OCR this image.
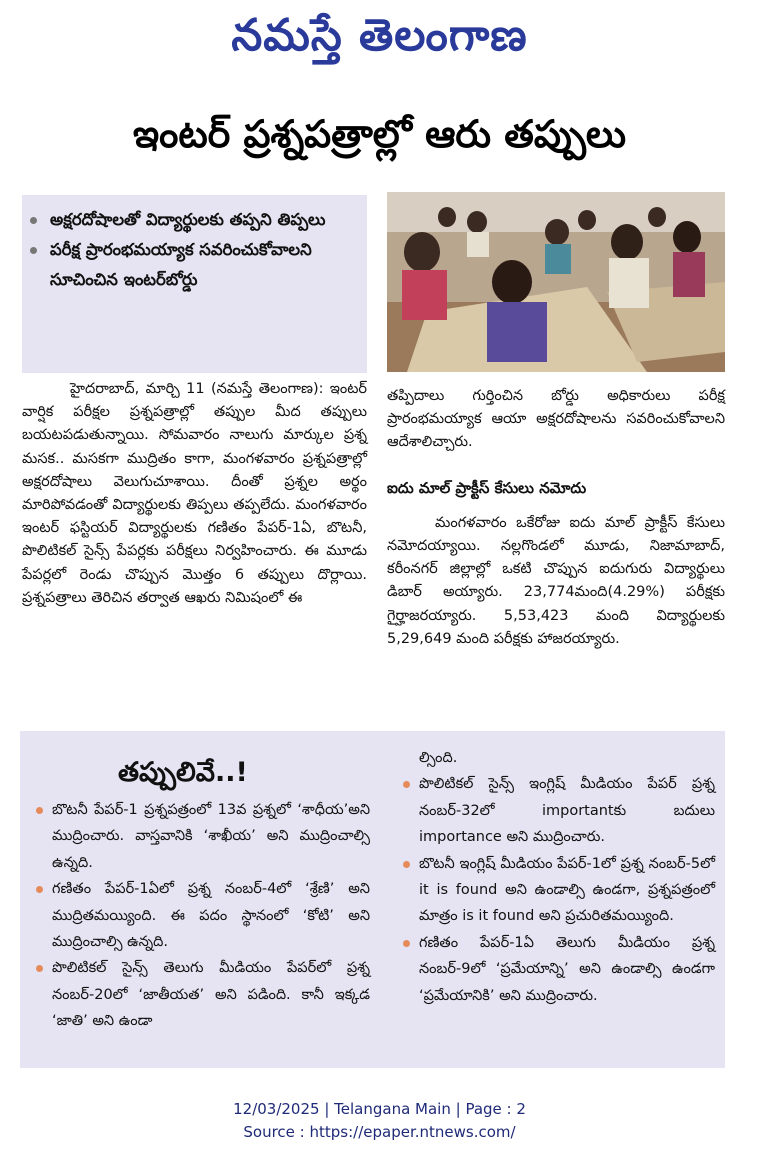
నమస్తే తెలంగాణ
ఇంటర్ ప్రశ్నపత్రాల్లో ఆరు తప్పులు
అక్షరదోషాలతో విద్యార్థులకు తప్పని తిప్పలు
పరీక్ష ప్రారంభమయ్యాక సవరించుకోవాలని సూచించిన ఇంటర్‌బోర్డు

హైదరాబాద్, మార్చి 11 (నమస్తే తెలంగాణ): ఇంటర్ వార్షిక పరీక్షల ప్రశ్నపత్రాల్లో తప్పుల మీద తప్పులు బయటపడుతున్నాయి. సోమవారం నాలుగు మార్కుల ప్రశ్న మసక.. మసకగా ముద్రితం కాగా, మంగళవారం ప్రశ్నపత్రాల్లో అక్షరదోషాలు వెలుగుచూశాయి. దీంతో ప్రశ్నల అర్థం మారిపోవడంతో విద్యార్థులకు తిప్పలు తప్పలేదు. మంగళవారం ఇంటర్ ఫస్టియర్ విద్యార్థులకు గణితం పేపర్-1ఏ, బొటనీ, పొలిటికల్ సైన్స్ పేపర్లకు పరీక్షలు నిర్వహించారు. ఈ మూడు పేపర్లలో రెండు చొప్పున మొత్తం 6 తప్పులు దొర్లాయి. ప్రశ్నపత్రాలు తెరిచిన తర్వాత ఆఖరు నిమిషంలో ఈ

తప్పిదాలు గుర్తించిన బోర్డు అధికారులు పరీక్ష ప్రారంభమయ్యాక ఆయా అక్షరదోషాలను సవరించుకోవాలని ఆదేశాలిచ్చారు.

ఐదు మాల్ ప్రాక్టీస్ కేసులు నమోదు

మంగళవారం ఒకేరోజు ఐదు మాల్ ప్రాక్టీస్ కేసులు నమోదయ్యాయి. నల్లగొండలో మూడు, నిజామాబాద్, కరీంనగర్ జిల్లాల్లో ఒకటి చొప్పున ఐదుగురు విద్యార్థులు డిబార్ అయ్యారు. 23,774మంది(4.29%) పరీక్షకు గైర్హాజరయ్యారు. 5,53,423 మంది విద్యార్థులకు 5,29,649 మంది పరీక్షకు హాజరయ్యారు.

తప్పులివే..!
బొటనీ పేపర్-1 ప్రశ్నపత్రంలో 13వ ప్రశ్నలో ‘శాధీయ’అని ముద్రించారు. వాస్తవానికి ‘శాఖీయ’ అని ముద్రించాల్సి ఉన్నది.
గణితం పేపర్-1ఏలో ప్రశ్న నంబర్-4లో ‘శ్రేణి’ అని ముద్రితమయ్యింది. ఈ పదం స్థానంలో ‘కోటి’ అని ముద్రించాల్సి ఉన్నది.
పొలిటికల్ సైన్స్ తెలుగు మీడియం పేపర్‌లో ప్రశ్న నంబర్-20లో ‘జాతీయత’ అని పడింది. కానీ ఇక్కడ ‘జాతి’ అని ఉండా
ల్సింది.
పొలిటికల్ సైన్స్ ఇంగ్లిష్ మీడియం పేపర్ ప్రశ్న నంబర్-32లో importantకు బదులు importance అని ముద్రించారు.
బొటనీ ఇంగ్లిష్ మీడియం పేపర్-1లో ప్రశ్న నంబర్-5లో it is found అని ఉండాల్సి ఉండగా, ప్రశ్నపత్రంలో మాత్రం is it found అని ప్రచురితమయ్యింది.
గణితం పేపర్-1ఏ తెలుగు మీడియం ప్రశ్న నంబర్-9లో ‘ప్రమేయాన్ని’ అని ఉండాల్సి ఉండగా ‘ప్రమేయానికి’ అని ముద్రించారు.
12/03/2025 | Telangana Main | Page : 2
Source : https://epaper.ntnews.com/
